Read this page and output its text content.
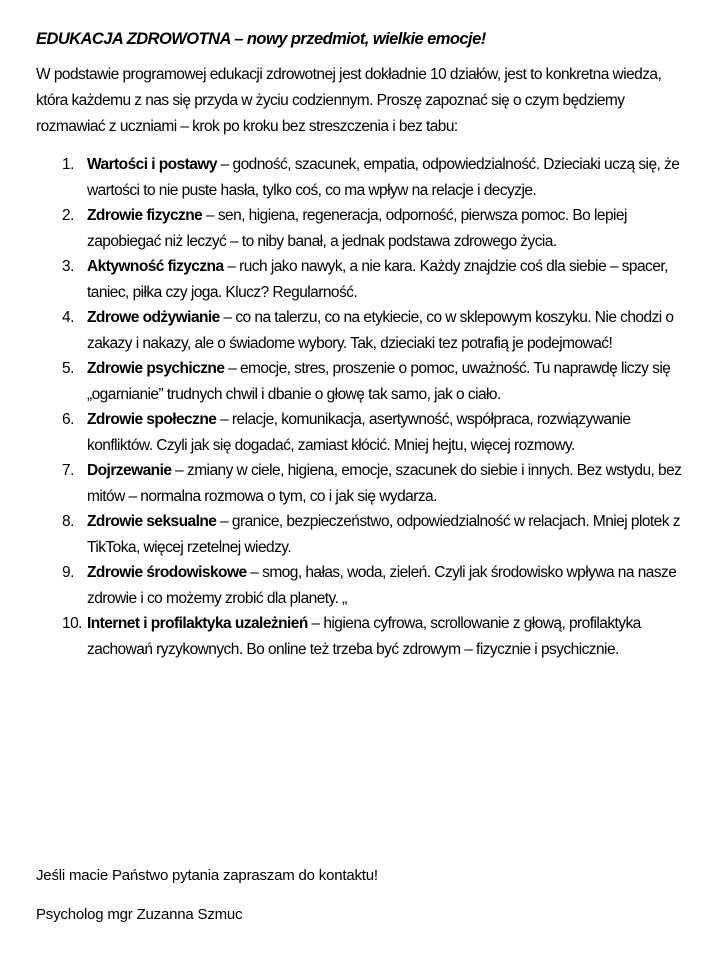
EDUKACJA ZDROWOTNA – nowy przedmiot, wielkie emocje!

W podstawie programowej edukacji zdrowotnej jest dokładnie 10 działów, jest to konkretna wiedza, która każdemu z nas się przyda w życiu codziennym. Proszę zapoznać się o czym będziemy rozmawiać z uczniami – krok po kroku bez streszczenia i bez tabu:

1. Wartości i postawy – godność, szacunek, empatia, odpowiedzialność. Dzieciaki uczą się, że wartości to nie puste hasła, tylko coś, co ma wpływ na relacje i decyzje.
2. Zdrowie fizyczne – sen, higiena, regeneracja, odporność, pierwsza pomoc. Bo lepiej zapobiegać niż leczyć – to niby banał, a jednak podstawa zdrowego życia.
3. Aktywność fizyczna – ruch jako nawyk, a nie kara. Każdy znajdzie coś dla siebie – spacer, taniec, piłka czy joga. Klucz? Regularność.
4. Zdrowe odżywianie – co na talerzu, co na etykiecie, co w sklepowym koszyku. Nie chodzi o zakazy i nakazy, ale o świadome wybory. Tak, dzieciaki tez potrafią je podejmować!
5. Zdrowie psychiczne – emocje, stres, proszenie o pomoc, uważność. Tu naprawdę liczy się „ogarnianie” trudnych chwil i dbanie o głowę tak samo, jak o ciało.
6. Zdrowie społeczne – relacje, komunikacja, asertywność, współpraca, rozwiązywanie konfliktów. Czyli jak się dogadać, zamiast kłócić. Mniej hejtu, więcej rozmowy.
7. Dojrzewanie – zmiany w ciele, higiena, emocje, szacunek do siebie i innych. Bez wstydu, bez mitów – normalna rozmowa o tym, co i jak się wydarza.
8. Zdrowie seksualne – granice, bezpieczeństwo, odpowiedzialność w relacjach. Mniej plotek z TikToka, więcej rzetelnej wiedzy.
9. Zdrowie środowiskowe – smog, hałas, woda, zieleń. Czyli jak środowisko wpływa na nasze zdrowie i co możemy zrobić dla planety. „
10. Internet i profilaktyka uzależnień – higiena cyfrowa, scrollowanie z głową, profilaktyka zachowań ryzykownych. Bo online też trzeba być zdrowym – fizycznie i psychicznie.
Jeśli macie Państwo pytania zapraszam do kontaktu!
Psycholog mgr Zuzanna Szmuc
